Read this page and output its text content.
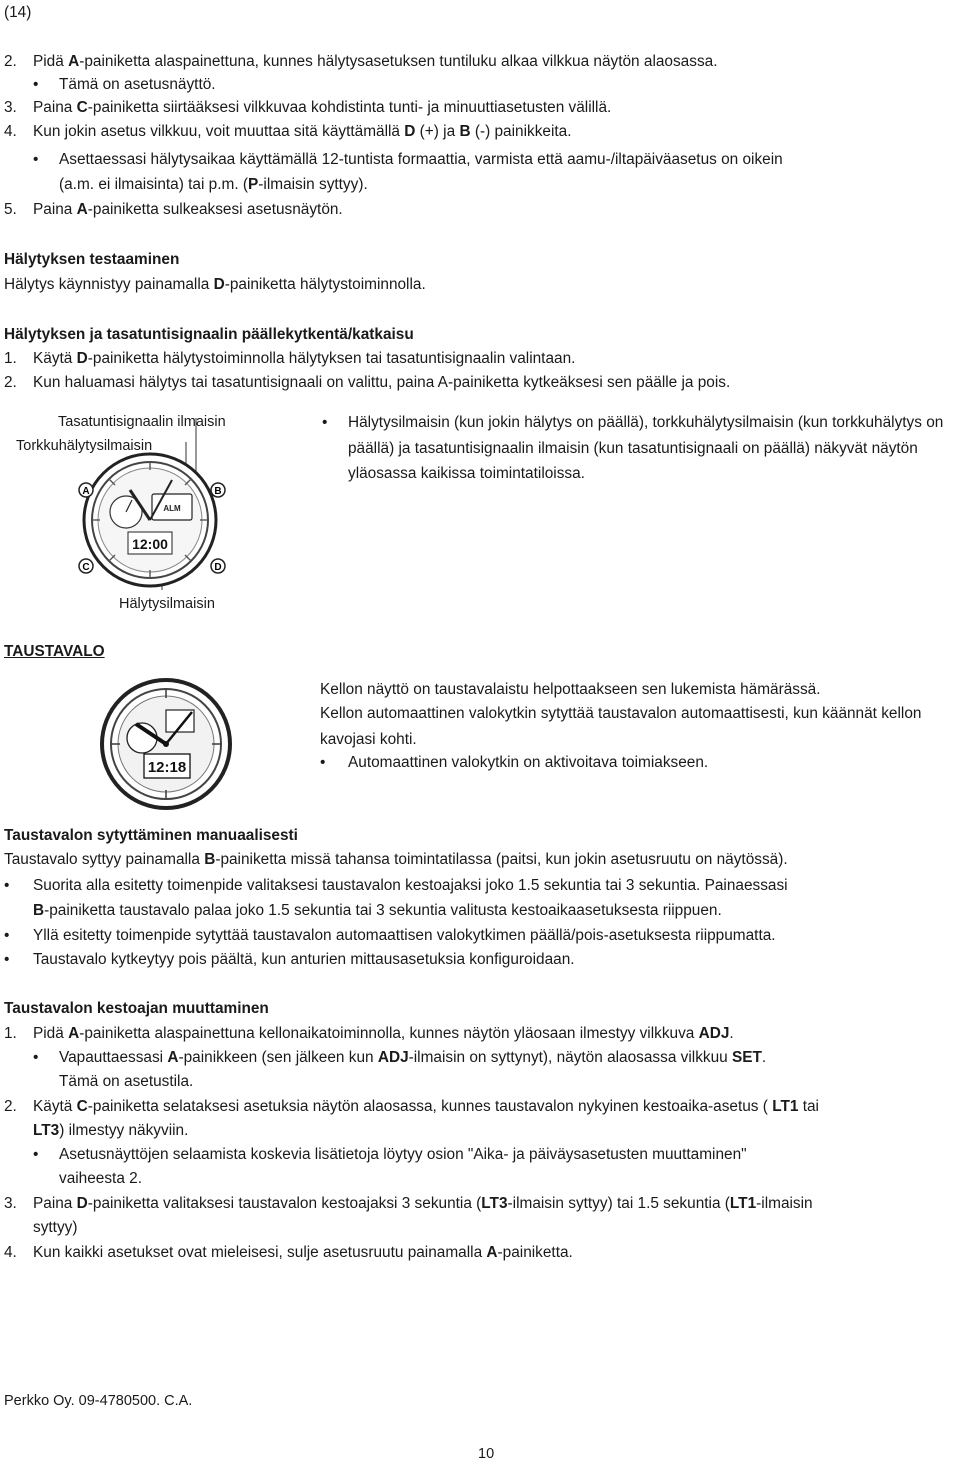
(14)
2. Pidä A-painiketta alaspainettuna, kunnes hälytysasetuksen tuntiluku alkaa vilkkua näytön alaosassa.
• Tämä on asetusnäyttö.
3. Paina C-painiketta siirtääksesi vilkkuvaa kohdistinta tunti- ja minuuttiasetusten välillä.
4. Kun jokin asetus vilkkuu, voit muuttaa sitä käyttämällä D (+) ja B (-) painikkeita.
• Asettaessasi hälytysaikaa käyttämällä 12-tuntista formaattia, varmista että aamu-/iltapäiväasetus on oikein
(a.m. ei ilmaisinta) tai p.m. (P-ilmaisin syttyy).
5. Paina A-painiketta sulkeaksesi asetusnäytön.
Hälytyksen testaaminen
Hälytys käynnistyy painamalla D-painiketta hälytystoiminnolla.
Hälytyksen ja tasatuntisignaalin päällekytkentä/katkaisu
1. Käytä D-painiketta hälytystoiminnolla hälytyksen tai tasatuntisignaalin valintaan.
2. Kun haluamasi hälytys tai tasatuntisignaali on valittu, paina A-painiketta kytkeäksesi sen päälle ja pois.
Tasatuntisignaalin ilmaisin
Torkkuhälytysilmaisin
Hälytysilmaisin
ALM
12:00
A	B
C	D
• Hälytysilmaisin (kun jokin hälytys on päällä), torkkuhälytysilmaisin (kun torkkuhälytys on päällä) ja tasatuntisignaalin ilmaisin (kun tasatuntisignaali on päällä) näkyvät näytön yläosassa kaikissa toimintatiloissa.
TAUSTAVALO
12:18
Kellon näyttö on taustavalaistu helpottaakseen sen lukemista hämärässä.
Kellon automaattinen valokytkin sytyttää taustavalon automaattisesti, kun käännät kellon kavojasi kohti.
• Automaattinen valokytkin on aktivoitava toimiakseen.
Taustavalon sytyttäminen manuaalisesti
Taustavalo syttyy painamalla B-painiketta missä tahansa toimintatilassa (paitsi, kun jokin asetusruutu on näytössä).
• Suorita alla esitetty toimenpide valitaksesi taustavalon kestoajaksi joko 1.5 sekuntia tai 3 sekuntia. Painaessasi
B-painiketta taustavalo palaa joko 1.5 sekuntia tai 3 sekuntia valitusta kestoaikaasetuksesta riippuen.
• Yllä esitetty toimenpide sytyttää taustavalon automaattisen valokytkimen päällä/pois-asetuksesta riippumatta.
• Taustavalo kytkeytyy pois päältä, kun anturien mittausasetuksia konfiguroidaan.
Taustavalon kestoajan muuttaminen
1. Pidä A-painiketta alaspainettuna kellonaikatoiminnolla, kunnes näytön yläosaan ilmestyy vilkkuva ADJ.
• Vapauttaessasi A-painikkeen (sen jälkeen kun ADJ-ilmaisin on syttynyt), näytön alaosassa vilkkuu SET.
Tämä on asetustila.
2. Käytä C-painiketta selataksesi asetuksia näytön alaosassa, kunnes taustavalon nykyinen kestoaika-asetus ( LT1 tai
LT3) ilmestyy näkyviin.
• Asetusnäyttöjen selaamista koskevia lisätietoja löytyy osion "Aika- ja päiväysasetusten muuttaminen"
vaiheesta 2.
3. Paina D-painiketta valitaksesi taustavalon kestoajaksi 3 sekuntia (LT3-ilmaisin syttyy) tai 1.5 sekuntia (LT1-ilmaisin
syttyy)
4. Kun kaikki asetukset ovat mieleisesi, sulje asetusruutu painamalla A-painiketta.
Perkko Oy. 09-4780500. C.A.
10
